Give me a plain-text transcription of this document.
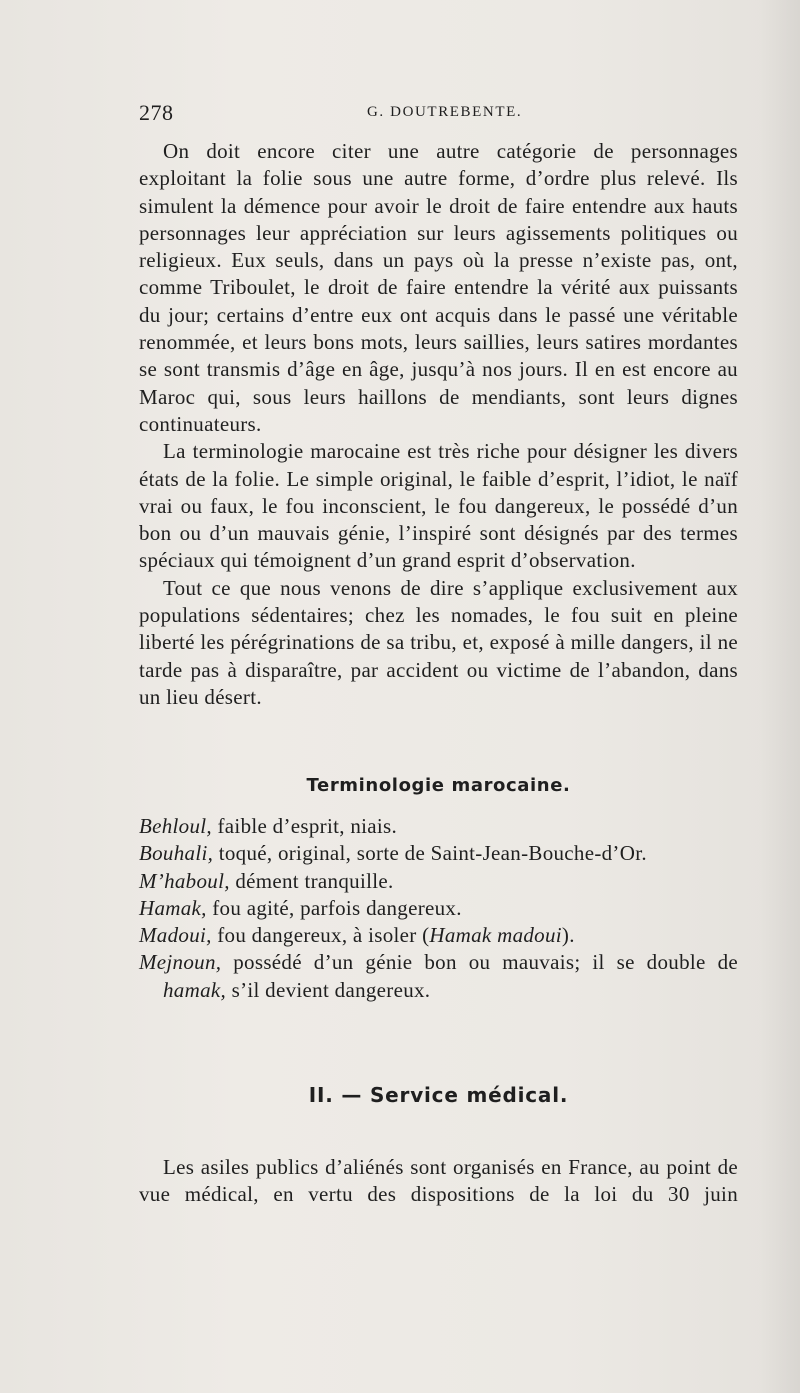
278	G. DOUTREBENTE.

On doit encore citer une autre catégorie de personnages exploitant la folie sous une autre forme, d’ordre plus relevé. Ils simulent la démence pour avoir le droit de faire entendre aux hauts personnages leur appréciation sur leurs agissements politiques ou religieux. Eux seuls, dans un pays où la presse n’existe pas, ont, comme Triboulet, le droit de faire entendre la vérité aux puissants du jour; certains d’entre eux ont acquis dans le passé une véritable renommée, et leurs bons mots, leurs saillies, leurs satires mordantes se sont transmis d’âge en âge, jusqu’à nos jours. Il en est encore au Maroc qui, sous leurs haillons de mendiants, sont leurs dignes continuateurs.

La terminologie marocaine est très riche pour désigner les divers états de la folie. Le simple original, le faible d’esprit, l’idiot, le naïf vrai ou faux, le fou inconscient, le fou dangereux, le possédé d’un bon ou d’un mauvais génie, l’inspiré sont désignés par des termes spéciaux qui témoignent d’un grand esprit d’observation.

Tout ce que nous venons de dire s’applique exclusivement aux populations sédentaires; chez les nomades, le fou suit en pleine liberté les pérégrinations de sa tribu, et, exposé à mille dangers, il ne tarde pas à disparaître, par accident ou victime de l’abandon, dans un lieu désert.

Terminologie marocaine.
Behloul, faible d’esprit, niais.
Bouhali, toqué, original, sorte de Saint-Jean-Bouche-d’Or.
M’haboul, dément tranquille.
Hamak, fou agité, parfois dangereux.
Madoui, fou dangereux, à isoler (Hamak madoui).
Mejnoun, possédé d’un génie bon ou mauvais; il se double de
hamak, s’il devient dangereux.
II. — Service médical.

Les asiles publics d’aliénés sont organisés en France, au point de vue médical, en vertu des dispositions de la loi du 30 juin
